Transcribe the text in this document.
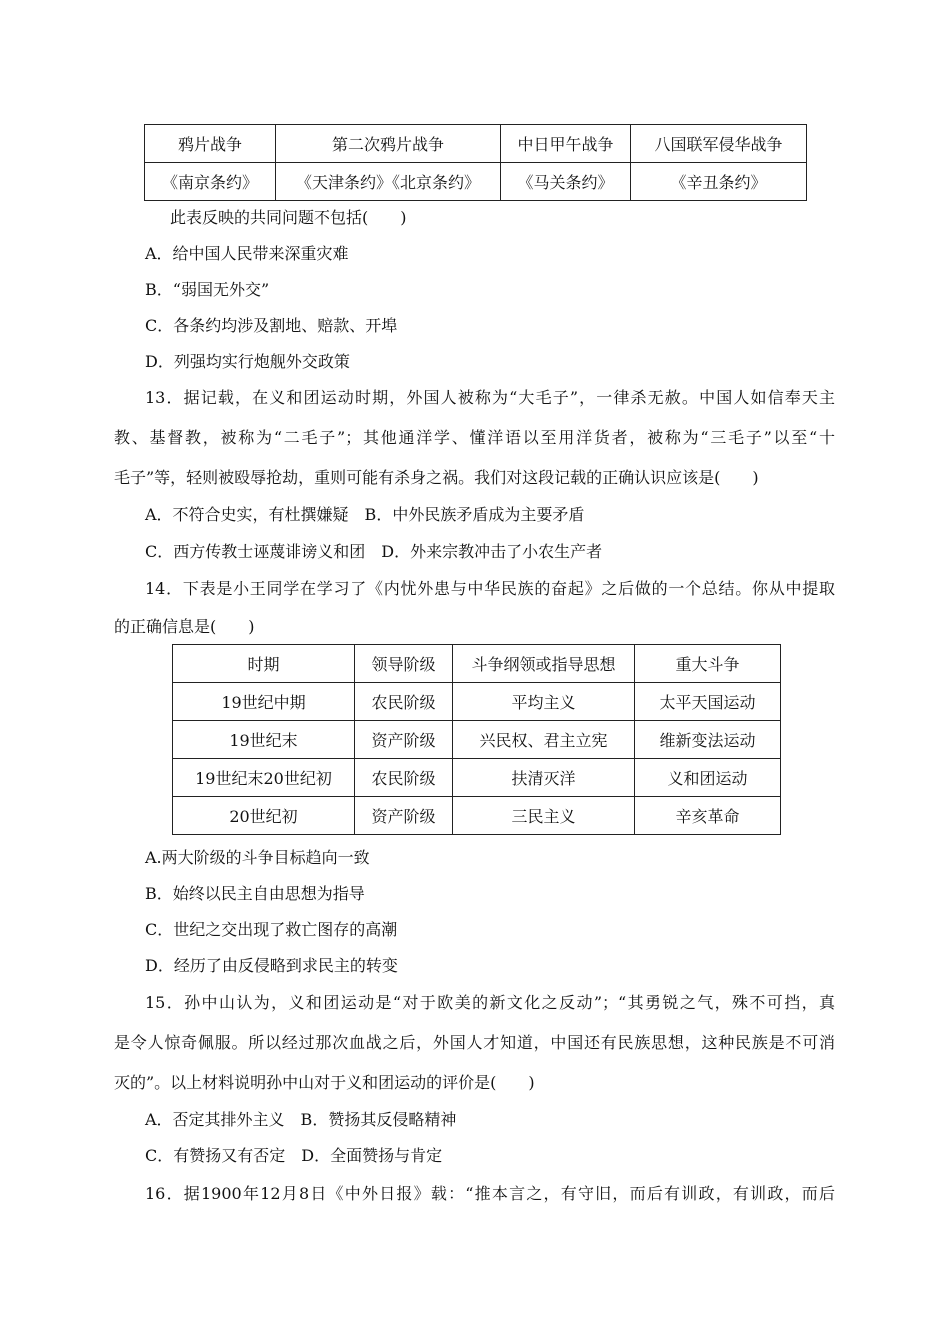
鸦片战争	第二次鸦片战争	中日甲午战争	八国联军侵华战争
《南京条约》	《天津条约》《北京条约》	《马关条约》	《辛丑条约》
此表反映的共同问题不包括(　　)
A．给中国人民带来深重灾难
B．“弱国无外交”
C．各条约均涉及割地、赔款、开埠
D．列强均实行炮舰外交政策
13．据记载，在义和团运动时期，外国人被称为“大毛子”，一律杀无赦。中国人如信奉天主
教、基督教，被称为“二毛子”；其他通洋学、懂洋语以至用洋货者，被称为“三毛子”以至“十
毛子”等，轻则被殴辱抢劫，重则可能有杀身之祸。我们对这段记载的正确认识应该是(　　)
A．不符合史实，有杜撰嫌疑　B．中外民族矛盾成为主要矛盾
C．西方传教士诬蔑诽谤义和团　D．外来宗教冲击了小农生产者
14．下表是小王同学在学习了《内忧外患与中华民族的奋起》之后做的一个总结。你从中提取
的正确信息是(　　)
时期	领导阶级	斗争纲领或指导思想	重大斗争
19世纪中期	农民阶级	平均主义	太平天国运动
19世纪末	资产阶级	兴民权、君主立宪	维新变法运动
19世纪末20世纪初	农民阶级	扶清灭洋	义和团运动
20世纪初	资产阶级	三民主义	辛亥革命
A.两大阶级的斗争目标趋向一致
B．始终以民主自由思想为指导
C．世纪之交出现了救亡图存的高潮
D．经历了由反侵略到求民主的转变
15．孙中山认为，义和团运动是“对于欧美的新文化之反动”；“其勇锐之气，殊不可挡，真
是令人惊奇佩服。所以经过那次血战之后，外国人才知道，中国还有民族思想，这种民族是不可消
灭的”。以上材料说明孙中山对于义和团运动的评价是(　　)
A．否定其排外主义　B．赞扬其反侵略精神
C．有赞扬又有否定　D．全面赞扬与肯定
16．据1900年12月8日《中外日报》载：“推本言之，有守旧，而后有训政，有训政，而后
